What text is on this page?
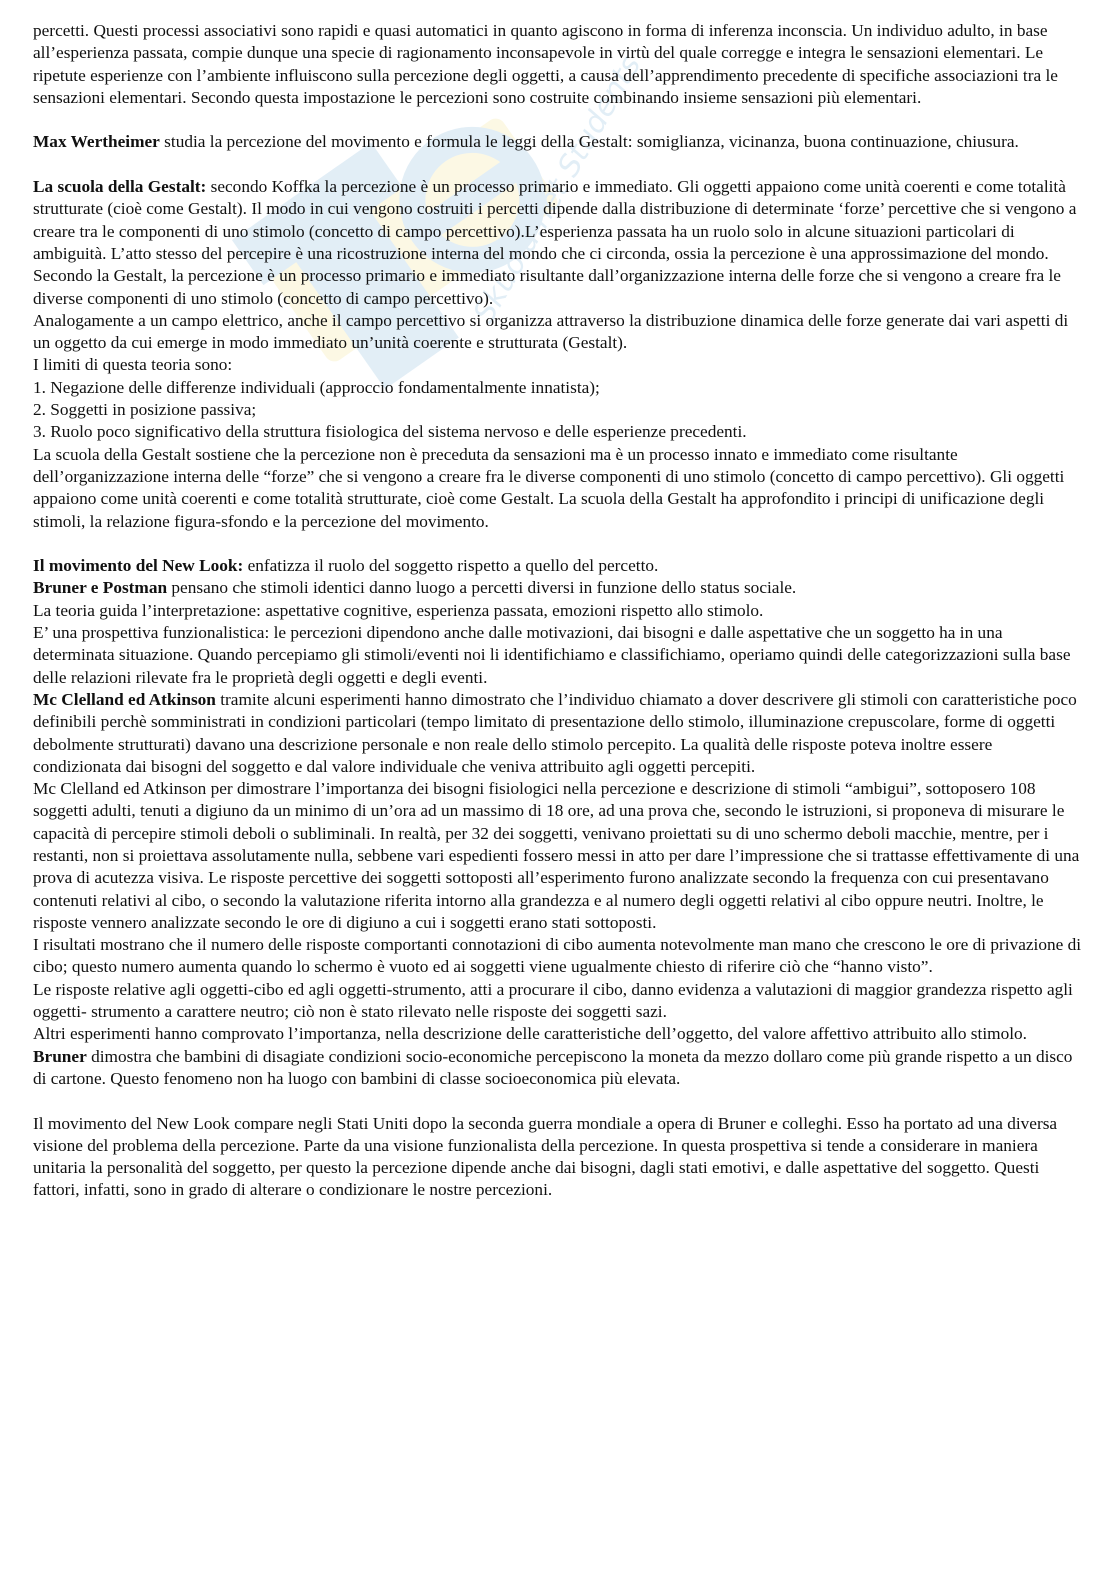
Skuola.net Students

percetti. Questi processi associativi sono rapidi e quasi automatici in quanto agiscono in forma di inferenza inconscia. Un individuo adulto, in base all’esperienza passata, compie dunque una specie di ragionamento inconsapevole in virtù del quale corregge e integra le sensazioni elementari. Le ripetute esperienze con l’ambiente influiscono sulla percezione degli oggetti, a causa dell’apprendimento precedente di specifiche associazioni tra le sensazioni elementari. Secondo questa impostazione le percezioni sono costruite combinando insieme sensazioni più elementari.

Max Wertheimer studia la percezione del movimento e formula le leggi della Gestalt: somiglianza, vicinanza, buona continuazione, chiusura.

La scuola della Gestalt: secondo Koffka la percezione è un processo primario e immediato. Gli oggetti appaiono come unità coerenti e come totalità strutturate (cioè come Gestalt). Il modo in cui vengono costruiti i percetti dipende dalla distribuzione di determinate ‘forze’ percettive che si vengono a creare tra le componenti di uno stimolo (concetto di campo percettivo).L’esperienza passata ha un ruolo solo in alcune situazioni particolari di ambiguità. L’atto stesso del percepire è una ricostruzione interna del mondo che ci circonda, ossia la percezione è una approssimazione del mondo.

Secondo la Gestalt, la percezione è un processo primario e immediato risultante dall’organizzazione interna delle forze che si vengono a creare fra le diverse componenti di uno stimolo (concetto di campo percettivo).

Analogamente a un campo elettrico, anche il campo percettivo si organizza attraverso la distribuzione dinamica delle forze generate dai vari aspetti di un oggetto da cui emerge in modo immediato un’unità coerente e strutturata (Gestalt).

I limiti di questa teoria sono:

1. Negazione delle differenze individuali (approccio fondamentalmente innatista);

2. Soggetti in posizione passiva;

3. Ruolo poco significativo della struttura fisiologica del sistema nervoso e delle esperienze precedenti.

La scuola della Gestalt sostiene che la percezione non è preceduta da sensazioni ma è un processo innato e immediato come risultante dell’organizzazione interna delle “forze” che si vengono a creare fra le diverse componenti di uno stimolo (concetto di campo percettivo). Gli oggetti appaiono come unità coerenti e come totalità strutturate, cioè come Gestalt. La scuola della Gestalt ha approfondito i principi di unificazione degli stimoli, la relazione figura-sfondo e la percezione del movimento.

Il movimento del New Look: enfatizza il ruolo del soggetto rispetto a quello del percetto.

Bruner e Postman pensano che stimoli identici danno luogo a percetti diversi in funzione dello status sociale.

La teoria guida l’interpretazione: aspettative cognitive, esperienza passata, emozioni rispetto allo stimolo.

E’ una prospettiva funzionalistica: le percezioni dipendono anche dalle motivazioni, dai bisogni e dalle aspettative che un soggetto ha in una determinata situazione. Quando percepiamo gli stimoli/eventi noi li identifichiamo e classifichiamo, operiamo quindi delle categorizzazioni sulla base delle relazioni rilevate fra le proprietà degli oggetti e degli eventi.

Mc Clelland ed Atkinson tramite alcuni esperimenti hanno dimostrato che l’individuo chiamato a dover descrivere gli stimoli con caratteristiche poco definibili perchè somministrati in condizioni particolari (tempo limitato di presentazione dello stimolo, illuminazione crepuscolare, forme di oggetti debolmente strutturati) davano una descrizione personale e non reale dello stimolo percepito. La qualità delle risposte poteva inoltre essere condizionata dai bisogni del soggetto e dal valore individuale che veniva attribuito agli oggetti percepiti.

Mc Clelland ed Atkinson per dimostrare l’importanza dei bisogni fisiologici nella percezione e descrizione di stimoli “ambigui”, sottoposero 108 soggetti adulti, tenuti a digiuno da un minimo di un’ora ad un massimo di 18 ore, ad una prova che, secondo le istruzioni, si proponeva di misurare le capacità di percepire stimoli deboli o subliminali. In realtà, per 32 dei soggetti, venivano proiettati su di uno schermo deboli macchie, mentre, per i restanti, non si proiettava assolutamente nulla, sebbene vari espedienti fossero messi in atto per dare l’impressione che si trattasse effettivamente di una prova di acutezza visiva. Le risposte percettive dei soggetti sottoposti all’esperimento furono analizzate secondo la frequenza con cui presentavano contenuti relativi al cibo, o secondo la valutazione riferita intorno alla grandezza e al numero degli oggetti relativi al cibo oppure neutri. Inoltre, le risposte vennero analizzate secondo le ore di digiuno a cui i soggetti erano stati sottoposti.

I risultati mostrano che il numero delle risposte comportanti connotazioni di cibo aumenta notevolmente man mano che crescono le ore di privazione di cibo; questo numero aumenta quando lo schermo è vuoto ed ai soggetti viene ugualmente chiesto di riferire ciò che “hanno visto”.

Le risposte relative agli oggetti-cibo ed agli oggetti-strumento, atti a procurare il cibo, danno evidenza a valutazioni di maggior grandezza rispetto agli oggetti- strumento a carattere neutro; ciò non è stato rilevato nelle risposte dei soggetti sazi.

Altri esperimenti hanno comprovato l’importanza, nella descrizione delle caratteristiche dell’oggetto, del valore affettivo attribuito allo stimolo.

Bruner dimostra che bambini di disagiate condizioni socio-economiche percepiscono la moneta da mezzo dollaro come più grande rispetto a un disco di cartone. Questo fenomeno non ha luogo con bambini di classe socioeconomica più elevata.

Il movimento del New Look compare negli Stati Uniti dopo la seconda guerra mondiale a opera di Bruner e colleghi. Esso ha portato ad una diversa visione del problema della percezione. Parte da una visione funzionalista della percezione. In questa prospettiva si tende a considerare in maniera unitaria la personalità del soggetto, per questo la percezione dipende anche dai bisogni, dagli stati emotivi, e dalle aspettative del soggetto. Questi fattori, infatti, sono in grado di alterare o condizionare le nostre percezioni.
